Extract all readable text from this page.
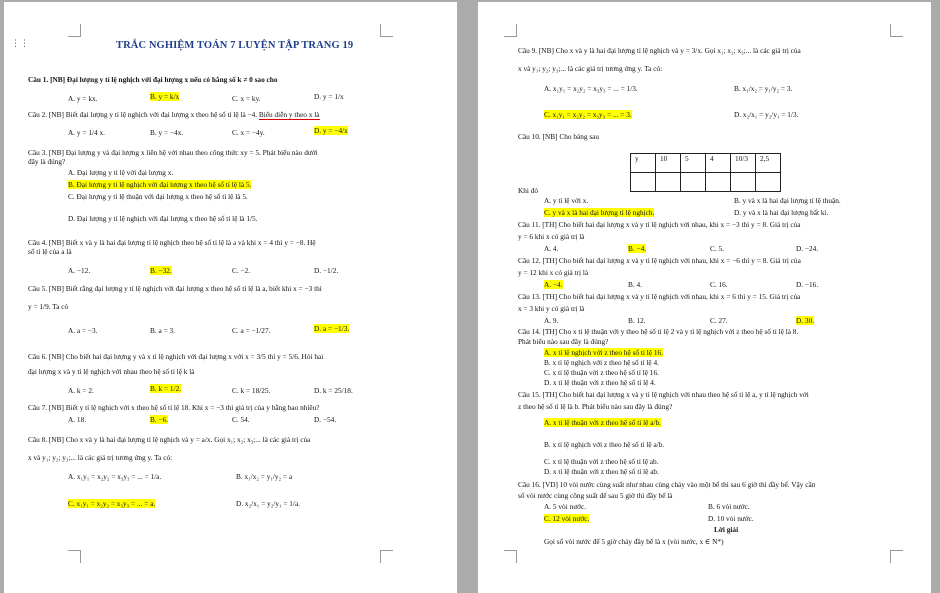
⋮⋮	TRẮC NGHIỆM TOÁN 7 LUYỆN TẬP TRANG 19
Câu 1. [NB] Đại lượng y tỉ lệ nghịch với đại lượng x nếu có hằng số k ≠ 0 sao cho
A. y = kx.	B. y = k/x	C. x = ky.	D. y = 1/x
Câu 2. [NB] Biết đại lượng y tỉ lệ nghịch với đại lượng x theo hệ số tỉ lệ là −4. Biểu diễn y theo x là
A. y = 1/4 x.	B. y = −4x.	C. x = −4y.	D. y = −4/x
Câu 3. [NB] Đại lượng y và đại lượng x liên hệ với nhau theo công thức xy = 5. Phát biểu nào dưới
đây là đúng?
A. Đại lượng y tỉ lệ với đại lượng x.
B. Đại lượng y tỉ lệ nghịch với đại lượng x theo hệ số tỉ lệ là 5.
C. Đại lượng y tỉ lệ thuận với đại lượng x theo hệ số tỉ lệ là 5.
D. Đại lượng y tỉ lệ nghịch với đại lượng x theo hệ số tỉ lệ là 1/5.
Câu 4. [NB] Biết x và y là hai đại lượng tỉ lệ nghịch theo hệ số tỉ lệ là a và khi x = 4 thì y = −8. Hệ
số tỉ lệ của a là
A. −12.	B. −32.	C. −2.	D. −1/2.
Câu 5. [NB] Biết rằng đại lượng y tỉ lệ nghịch với đại lượng x theo hệ số tỉ lệ là a, biết khi x = −3 thì
y = 1/9. Ta có
A. a = −3.	B. a = 3.	C. a = −1/27.	D. a = −1/3.
Câu 6. [NB] Cho biết hai đại lượng y và x tỉ lệ nghịch với đại lượng x với x = 3/5 thì y = 5/6. Hỏi hai
đại lượng x và y tỉ lệ nghịch với nhau theo hệ số tỉ lệ k là
A. k = 2.	B. k = 1/2.	C. k = 18/25.	D. k = 25/18.
Câu 7. [NB] Biết y tỉ lệ nghịch với x theo hệ số tỉ lệ 18. Khi x = −3 thì giá trị của y bằng bao nhiêu?
A. 18.	B. −6.	C. 54.	D. −54.
Câu 8. [NB] Cho x và y là hai đại lượng tỉ lệ nghịch và y = a/x. Gọi x₁; x₂; x₃;... là các giá trị của
x và y₁; y₂; y₃;... là các giá trị tương ứng y. Ta có:
A. x₁y₁ = x₂y₂ = x₃y₃ = ... = 1/a.	B. x₁/x₂ = y₁/y₂ = a
C. x₁y₁ = x₂y₂ = x₃y₃ = ... = a.	D. x₂/x₁ = y₂/y₁ = 1/a.
Câu 9. [NB] Cho x và y là hai đại lượng tỉ lệ nghịch và y = 3/x. Gọi x₁; x₂; x₃;... là các giá trị của
x và y₁; y₂; y₃;... là các giá trị tương ứng y. Ta có:
A. x₁y₁ = x₂y₂ = x₃y₃ = ... = 1/3.	B. x₁/x₂ = y₁/y₂ = 3.
C. x₁y₁ = x₂y₂ = x₃y₃ = ... = 3.	D. x₂/x₁ = y₂/y₁ = 1/3.
Câu 10. [NB] Cho bảng sau
y	10	5	4	10/3	2,5

Khi đó
A. y tỉ lệ với x.	B. y và x là hai đại lượng tỉ lệ thuận.
C. y và x là hai đại lượng tỉ lệ nghịch.	D. y và x là hai đại lượng bất kì.
Câu 11. [TH] Cho biết hai đại lượng x và y tỉ lệ nghịch với nhau, khi x = −3 thì y = 8. Giá trị của
y = 6 khi x có giá trị là
A. 4.	B. −4.	C. 5.	D. −24.
Câu 12. [TH] Cho biết hai đại lượng x và y tỉ lệ nghịch với nhau, khi x = −6 thì y = 8. Giá trị của
y = 12 khi x có giá trị là
A. −4.	B. 4.	C. 16.	D. −16.
Câu 13. [TH] Cho biết hai đại lượng x và y tỉ lệ nghịch với nhau, khi x = 6 thì y = 15. Giá trị của
x = 3 khi y có giá trị là
A. 9.	B. 12.	C. 27.	D. 30.
Câu 14. [TH] Cho x tỉ lệ thuận với y theo hệ số tỉ lệ 2 và y tỉ lệ nghịch với z theo hệ số tỉ lệ là 8.
Phát biểu nào sau đây là đúng?
A. x tỉ lệ nghịch với z theo hệ số tỉ lệ 16.
B. x tỉ lệ nghịch với z theo hệ số tỉ lệ 4.
C. x tỉ lệ thuận với z theo hệ số tỉ lệ 16.
D. x tỉ lệ thuận với z theo hệ số tỉ lệ 4.
Câu 15. [TH] Cho biết hai đại lượng x và y tỉ lệ nghịch với nhau theo hệ số tỉ lệ a, y tỉ lệ nghịch với
z theo hệ số tỉ lệ là b. Phát biểu nào sau đây là đúng?
A. x tỉ lệ thuận với z theo hệ số tỉ lệ a/b.
B. x tỉ lệ nghịch với z theo hệ số tỉ lệ a/b.
C. x tỉ lệ thuận với z theo hệ số tỉ lệ ab.
D. x tỉ lệ thuận với z theo hệ số tỉ lệ ab.
Câu 16. [VD] 10 vòi nước cùng suất như nhau cùng chảy vào một bể thì sau 6 giờ thì đầy bể. Vậy cần
số vòi nước cùng công suất để sau 5 giờ thì đầy bể là
A. 5 vòi nước.	B. 6 vòi nước.
C. 12 vòi nước.	D. 10 vòi nước.
Lời giải
Gọi số vòi nước để 5 giờ chảy đầy bể là x (vòi nước, x ∈ N*)
